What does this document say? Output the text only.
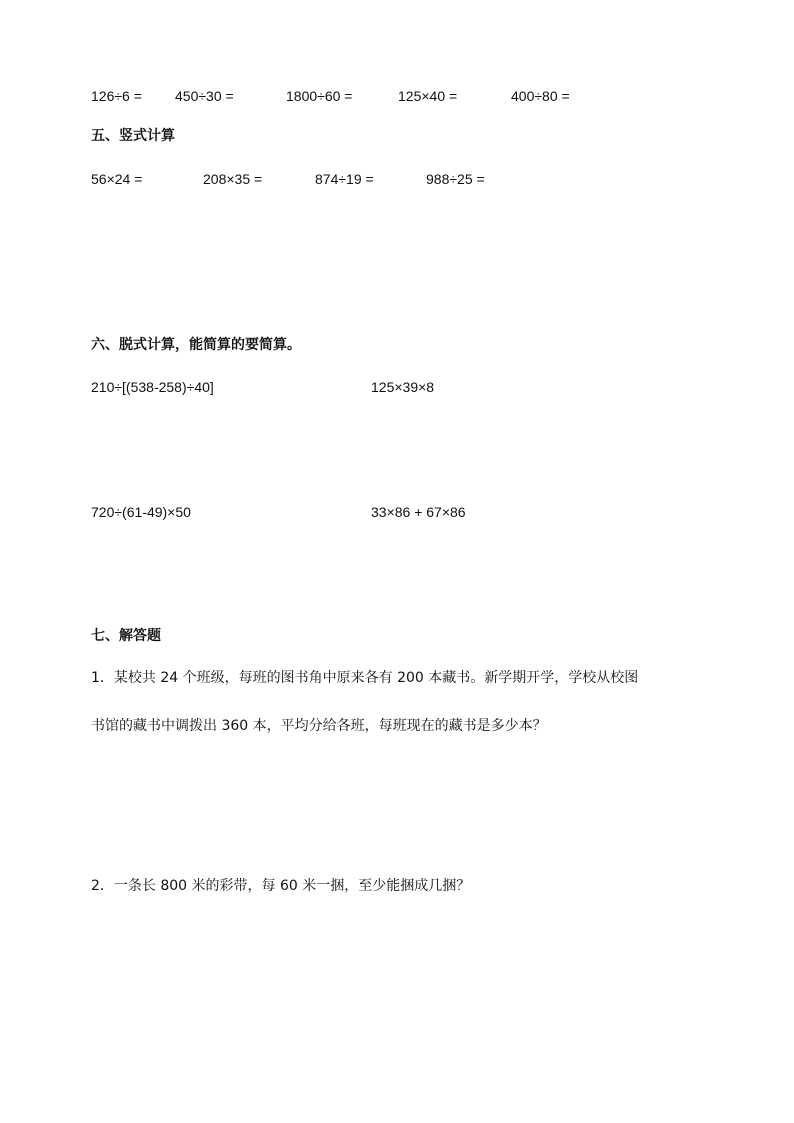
126÷6 = 450÷30 =	1800÷60 =	125×40 =	400÷80 =
五、竖式计算
56×24 =	208×35 =	874÷19 =	988÷25 =
六、脱式计算，能简算的要简算。
210÷[(538-258)÷40]	125×39×8
720÷(61-49)×50	33×86 + 67×86
七、解答题
1．某校共 24 个班级，每班的图书角中原来各有 200 本藏书。新学期开学，学校从校图
书馆的藏书中调拨出 360 本，平均分给各班，每班现在的藏书是多少本？
2．一条长 800 米的彩带，每 60 米一捆，至少能捆成几捆？
